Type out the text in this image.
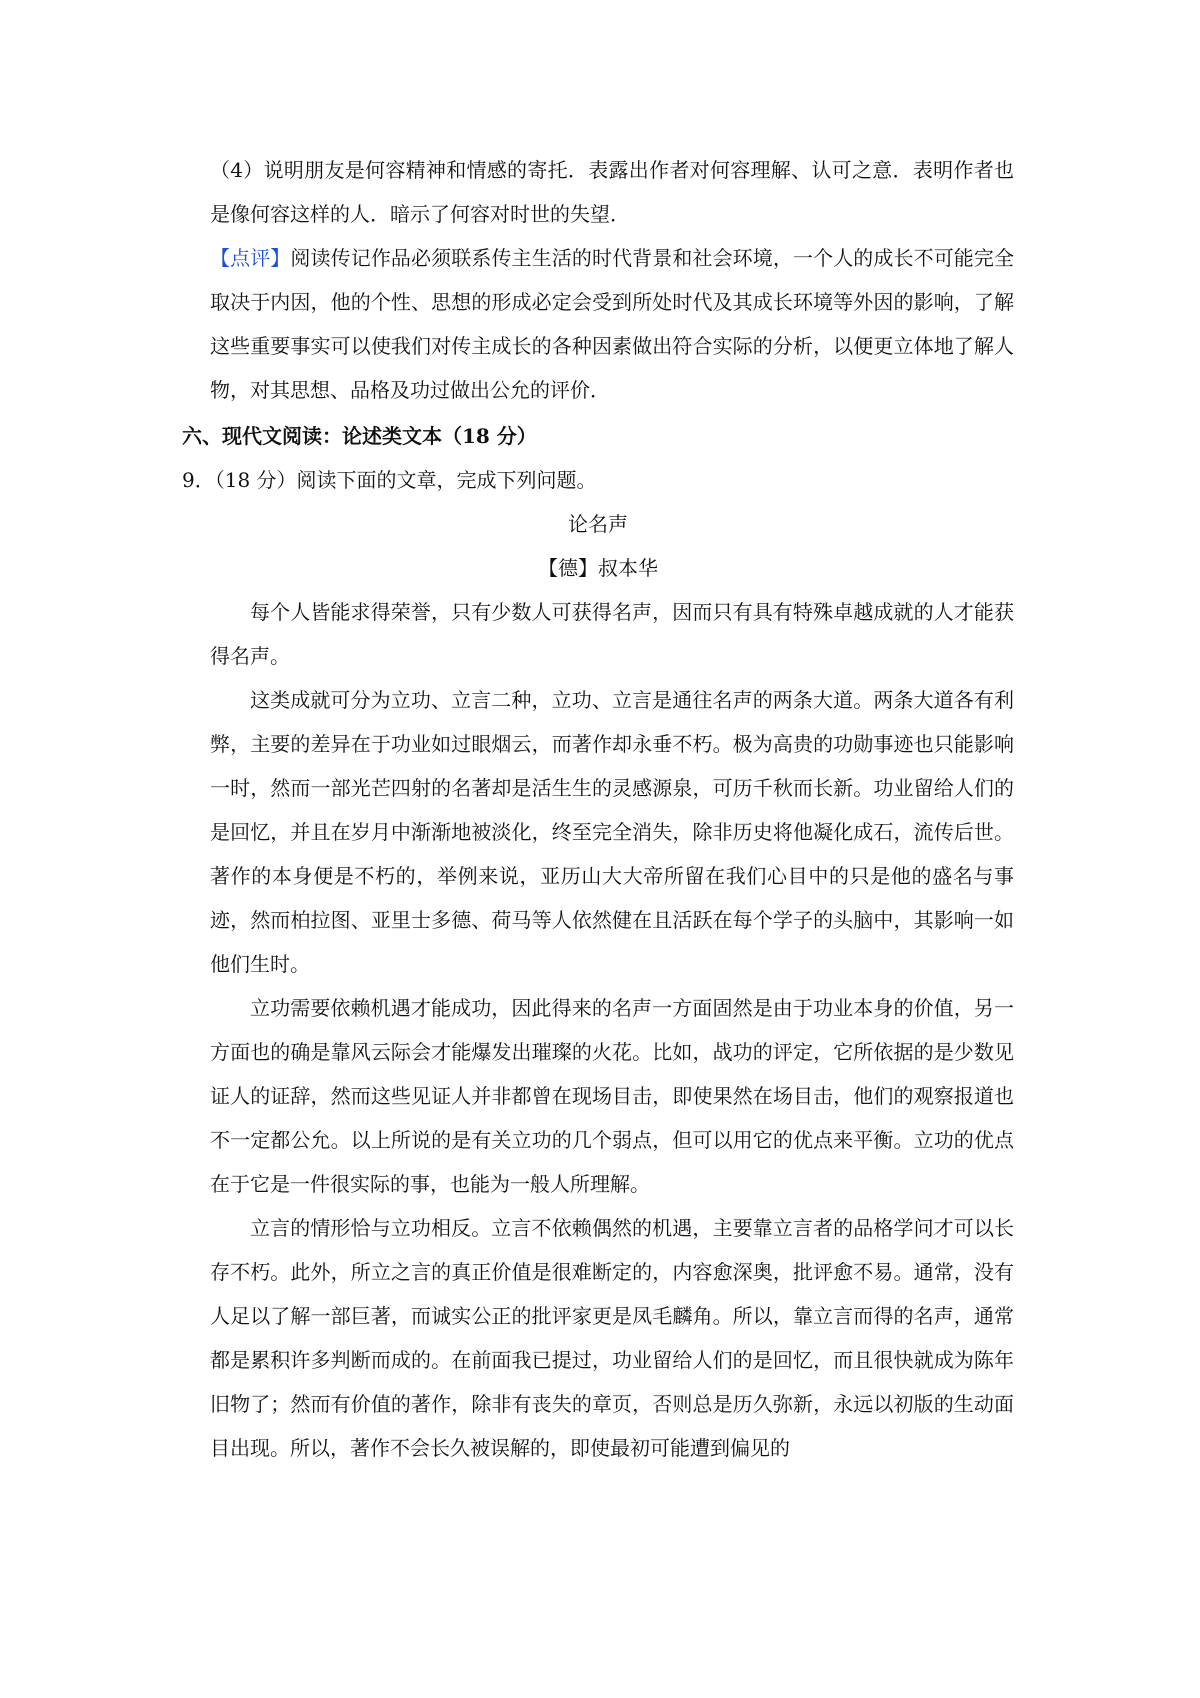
（4）说明朋友是何容精神和情感的寄托．表露出作者对何容理解、认可之意．表明作者也是像何容这样的人．暗示了何容对时世的失望．

【点评】阅读传记作品必须联系传主生活的时代背景和社会环境，一个人的成长不可能完全取决于内因，他的个性、思想的形成必定会受到所处时代及其成长环境等外因的影响，了解这些重要事实可以使我们对传主成长的各种因素做出符合实际的分析，以便更立体地了解人物，对其思想、品格及功过做出公允的评价．

六、现代文阅读：论述类文本（18 分）

9．（18 分）阅读下面的文章，完成下列问题。

论名声

【德】叔本华

每个人皆能求得荣誉，只有少数人可获得名声，因而只有具有特殊卓越成就的人才能获得名声。

这类成就可分为立功、立言二种，立功、立言是通往名声的两条大道。两条大道各有利弊，主要的差异在于功业如过眼烟云，而著作却永垂不朽。极为高贵的功勋事迹也只能影响一时，然而一部光芒四射的名著却是活生生的灵感源泉，可历千秋而长新。功业留给人们的是回忆，并且在岁月中渐渐地被淡化，终至完全消失，除非历史将他凝化成石，流传后世。著作的本身便是不朽的，举例来说，亚历山大大帝所留在我们心目中的只是他的盛名与事迹，然而柏拉图、亚里士多德、荷马等人依然健在且活跃在每个学子的头脑中，其影响一如他们生时。

立功需要依赖机遇才能成功，因此得来的名声一方面固然是由于功业本身的价值，另一方面也的确是靠风云际会才能爆发出璀璨的火花。比如，战功的评定，它所依据的是少数见证人的证辞，然而这些见证人并非都曾在现场目击，即使果然在场目击，他们的观察报道也不一定都公允。以上所说的是有关立功的几个弱点，但可以用它的优点来平衡。立功的优点在于它是一件很实际的事，也能为一般人所理解。

立言的情形恰与立功相反。立言不依赖偶然的机遇，主要靠立言者的品格学问才可以长存不朽。此外，所立之言的真正价值是很难断定的，内容愈深奥，批评愈不易。通常，没有人足以了解一部巨著，而诚实公正的批评家更是凤毛麟角。所以，靠立言而得的名声，通常都是累积许多判断而成的。在前面我已提过，功业留给人们的是回忆，而且很快就成为陈年旧物了；然而有价值的著作，除非有丧失的章页，否则总是历久弥新，永远以初版的生动面目出现。所以，著作不会长久被误解的，即使最初可能遭到偏见的
